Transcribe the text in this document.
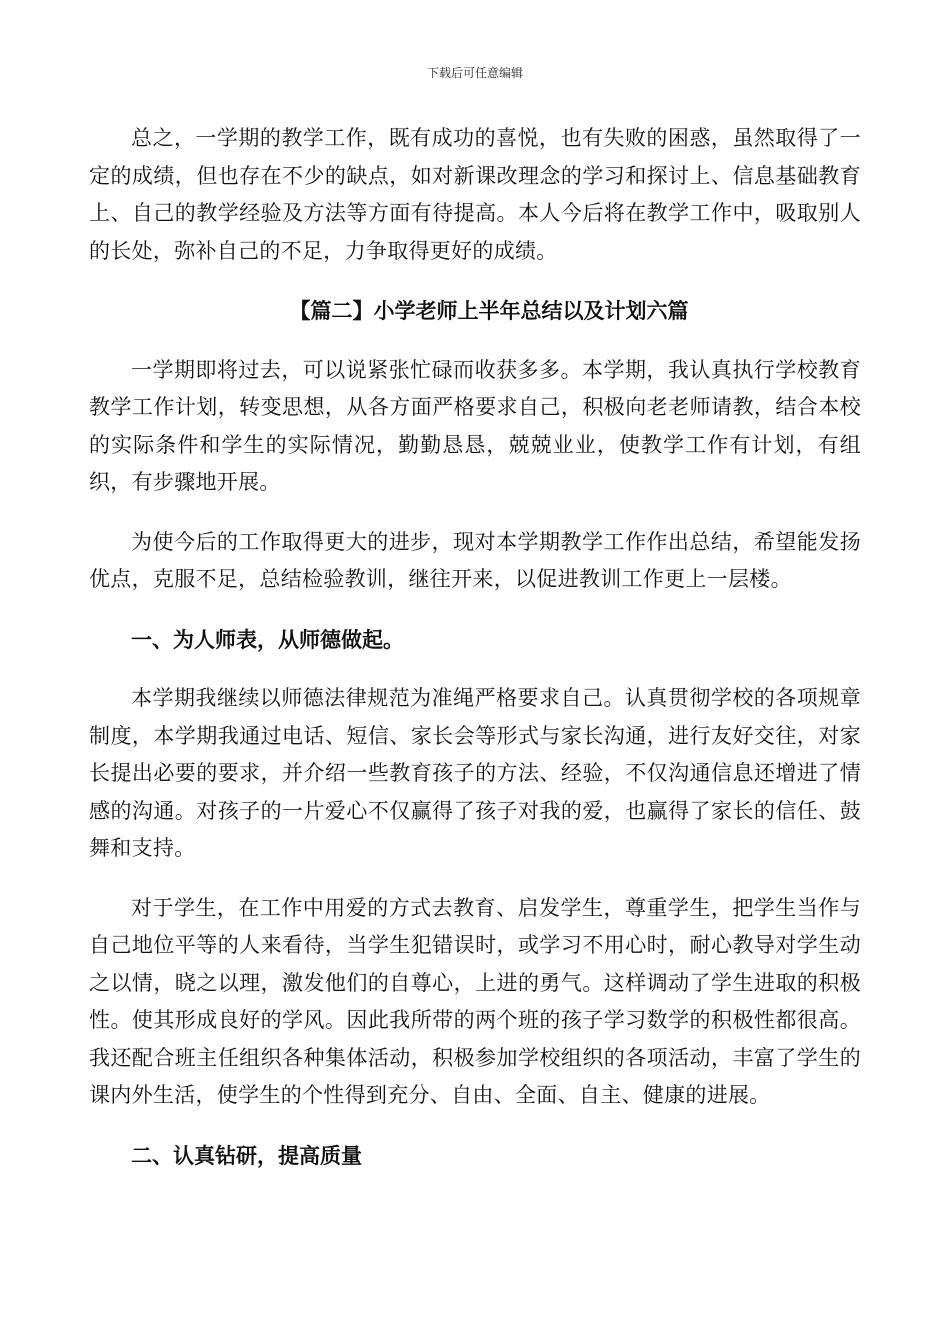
下载后可任意编辑

总之，一学期的教学工作，既有成功的喜悦，也有失败的困惑，虽然取得了一定的成绩，但也存在不少的缺点，如对新课改理念的学习和探讨上、信息基础教育上、自己的教学经验及方法等方面有待提高。本人今后将在教学工作中，吸取别人的长处，弥补自己的不足，力争取得更好的成绩。

【篇二】小学老师上半年总结以及计划六篇

一学期即将过去，可以说紧张忙碌而收获多多。本学期，我认真执行学校教育教学工作计划，转变思想，从各方面严格要求自己，积极向老老师请教，结合本校的实际条件和学生的实际情况，勤勤恳恳，兢兢业业，使教学工作有计划，有组织，有步骤地开展。

为使今后的工作取得更大的进步，现对本学期教学工作作出总结，希望能发扬优点，克服不足，总结检验教训，继往开来，以促进教训工作更上一层楼。

一、为人师表，从师德做起。

本学期我继续以师德法律规范为准绳严格要求自己。认真贯彻学校的各项规章制度，本学期我通过电话、短信、家长会等形式与家长沟通，进行友好交往，对家长提出必要的要求，并介绍一些教育孩子的方法、经验，不仅沟通信息还增进了情感的沟通。对孩子的一片爱心不仅赢得了孩子对我的爱，也赢得了家长的信任、鼓舞和支持。

对于学生，在工作中用爱的方式去教育、启发学生，尊重学生，把学生当作与自己地位平等的人来看待，当学生犯错误时，或学习不用心时，耐心教导对学生动之以情，晓之以理，激发他们的自尊心，上进的勇气。这样调动了学生进取的积极性。使其形成良好的学风。因此我所带的两个班的孩子学习数学的积极性都很高。我还配合班主任组织各种集体活动，积极参加学校组织的各项活动，丰富了学生的课内外生活，使学生的个性得到充分、自由、全面、自主、健康的进展。

二、认真钻研，提高质量
